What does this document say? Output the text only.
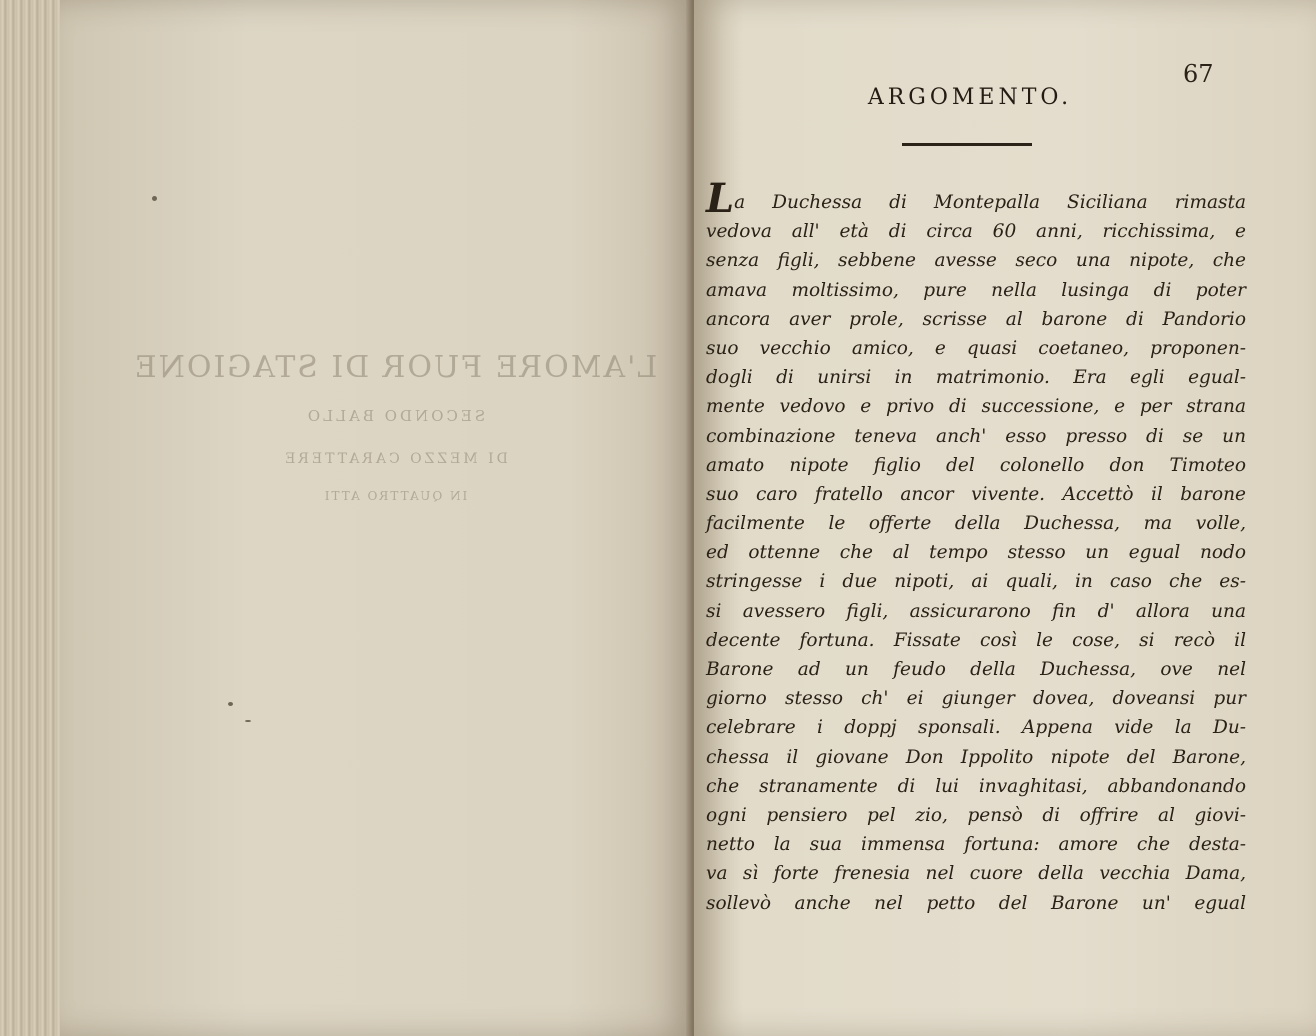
L'AMORE FUOR DI STAGIONE
SECONDO BALLO
DI MEZZO CARATTERE
IN QUATTRO ATTI
67
ARGOMENTO.
La Duchessa di Montepalla Siciliana rimasta
vedova all' età di circa 60 anni, ricchissima, e
senza figli, sebbene avesse seco una nipote, che
amava moltissimo, pure nella lusinga di poter
ancora aver prole, scrisse al barone di Pandorio
suo vecchio amico, e quasi coetaneo, proponen-
dogli di unirsi in matrimonio. Era egli egual-
mente vedovo e privo di successione, e per strana
combinazione teneva anch' esso presso di se un
amato nipote figlio del colonello don Timoteo
suo caro fratello ancor vivente. Accettò il barone
facilmente le offerte della Duchessa, ma volle,
ed ottenne che al tempo stesso un egual nodo
stringesse i due nipoti, ai quali, in caso che es-
si avessero figli, assicurarono fin d' allora una
decente fortuna. Fissate così le cose, si recò il
Barone ad un feudo della Duchessa, ove nel
giorno stesso ch' ei giunger dovea, doveansi pur
celebrare i doppj sponsali. Appena vide la Du-
chessa il giovane Don Ippolito nipote del Barone,
che stranamente di lui invaghitasi, abbandonando
ogni pensiero pel zio, pensò di offrire al giovi-
netto la sua immensa fortuna: amore che desta-
va sì forte frenesia nel cuore della vecchia Dama,
sollevò anche nel petto del Barone un' egual
